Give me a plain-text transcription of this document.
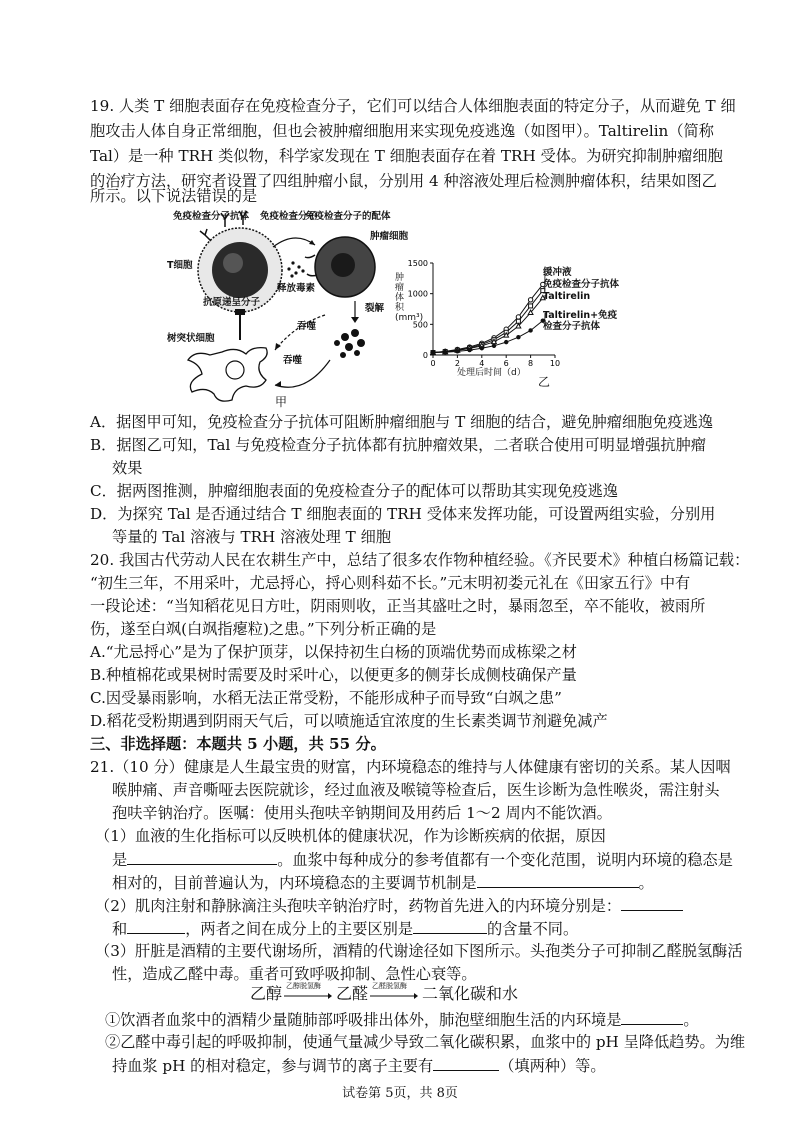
19. 人类 T 细胞表面存在免疫检查分子，它们可以结合人体细胞表面的特定分子，从而避免 T 细
胞攻击人体自身正常细胞，但也会被肿瘤细胞用来实现免疫逃逸（如图甲）。Taltirelin（简称
Tal）是一种 TRH 类似物，科学家发现在 T 细胞表面存在着 TRH 受体。为研究抑制肿瘤细胞
的治疗方法，研究者设置了四组肿瘤小鼠，分别用 4 种溶液处理后检测肿瘤体积，结果如图乙
所示。以下说法错误的是
免疫检查分子抗体 免疫检查分子
免疫检查分子的配体
肿瘤细胞
T细胞
释放毒素
抗原递呈分子
裂解
吞噬
树突状细胞
吞噬
甲
0
500
1000
1500
0 2 4 6 8 10
乙
处理后时间（d）
肿瘤体积(mm³)
缓冲液
免疫检查分子抗体
Taltirelin
Taltirelin+免疫检查分子抗体
A．据图甲可知，免疫检查分子抗体可阻断肿瘤细胞与 T 细胞的结合，避免肿瘤细胞免疫逃逸
B．据图乙可知，Tal 与免疫检查分子抗体都有抗肿瘤效果，二者联合使用可明显增强抗肿瘤
效果
C．据两图推测，肿瘤细胞表面的免疫检查分子的配体可以帮助其实现免疫逃逸
D．为探究 Tal 是否通过结合 T 细胞表面的 TRH 受体来发挥功能，可设置两组实验，分别用
等量的 Tal 溶液与 TRH 溶液处理 T 细胞
20. 我国古代劳动人民在农耕生产中，总结了很多农作物种植经验。《齐民要术》种植白杨篇记载：
“初生三年，不用采叶，尤忌捋心，捋心则科茹不长。”元末明初娄元礼在《田家五行》中有
一段论述：“当知稻花见日方吐，阴雨则收，正当其盛吐之时，暴雨忽至，卒不能收，被雨所
伤，遂至白飒(白飒指瘪粒)之患。”下列分析正确的是
A.“尤忌捋心”是为了保护顶芽，以保持初生白杨的顶端优势而成栋梁之材
B.种植棉花或果树时需要及时采叶心，以便更多的侧芽长成侧枝确保产量
C.因受暴雨影响，水稻无法正常受粉，不能形成种子而导致“白飒之患”
D.稻花受粉期遇到阴雨天气后，可以喷施适宜浓度的生长素类调节剂避免减产
三、非选择题：本题共 5 小题，共 55 分。
21.（10 分）健康是人生最宝贵的财富，内环境稳态的维持与人体健康有密切的关系。某人因咽
喉肿痛、声音嘶哑去医院就诊，经过血液及喉镜等检查后，医生诊断为急性喉炎，需注射头
孢呋辛钠治疗。医嘱：使用头孢呋辛钠期间及用药后 1～2 周内不能饮酒。
（1）血液的生化指标可以反映机体的健康状况，作为诊断疾病的依据，原因
是	。血浆中每种成分的参考值都有一个变化范围，说明内环境的稳态是
相对的，目前普遍认为，内环境稳态的主要调节机制是	。
（2）肌肉注射和静脉滴注头孢呋辛钠治疗时，药物首先进入的内环境分别是：
和	，两者之间在成分上的主要区别是	的含量不同。
（3）肝脏是酒精的主要代谢场所，酒精的代谢途径如下图所示。头孢类分子可抑制乙醛脱氢酶活
性，造成乙醛中毒。重者可致呼吸抑制、急性心衰等。
乙醇 乙醇脱氢酶 → 乙醛 乙醛脱氢酶 → 二氧化碳和水
①饮酒者血浆中的酒精少量随肺部呼吸排出体外，肺泡壁细胞生活的内环境是	。
②乙醛中毒引起的呼吸抑制，使通气量减少导致二氧化碳积累，血浆中的 pH 呈降低趋势。为维
持血浆 pH 的相对稳定，参与调节的离子主要有	（填两种）等。
试卷第 5页，共 8页
